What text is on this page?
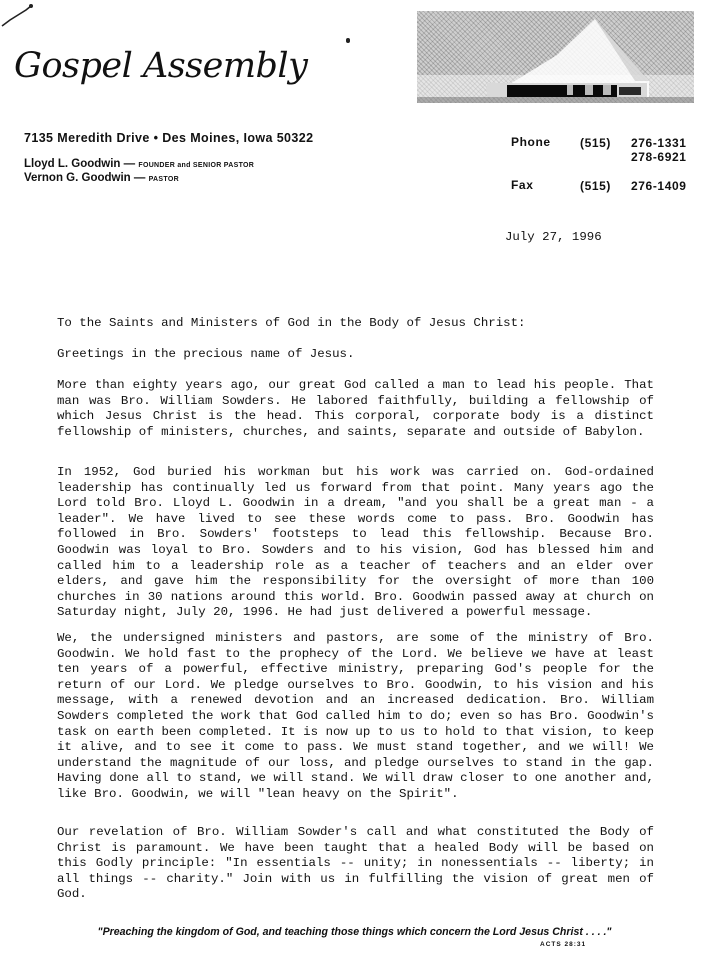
Gospel Assembly
7135 Meredith Drive • Des Moines, Iowa 50322
Lloyd L. Goodwin — FOUNDER and SENIOR PASTOR
Vernon G. Goodwin — PASTOR
Phone (515) 276-1331
278-6921
Fax	(515) 276-1409
July 27, 1996
To the Saints and Ministers of God in the Body of Jesus Christ:
Greetings in the precious name of Jesus.

More than eighty years ago, our great God called a man to lead his people. That man was Bro. William Sowders. He labored faithfully, building a fellowship of which Jesus Christ is the head. This corporal, corporate body is a distinct fellowship of ministers, churches, and saints, separate and outside of Babylon.

In 1952, God buried his workman but his work was carried on. God-ordained leadership has continually led us forward from that point. Many years ago the Lord told Bro. Lloyd L. Goodwin in a dream, "and you shall be a great man - a leader". We have lived to see these words come to pass. Bro. Goodwin has followed in Bro. Sowders' footsteps to lead this fellowship. Because Bro. Goodwin was loyal to Bro. Sowders and to his vision, God has blessed him and called him to a leadership role as a teacher of teachers and an elder over elders, and gave him the responsibility for the oversight of more than 100 churches in 30 nations around this world. Bro. Goodwin passed away at church on Saturday night, July 20, 1996. He had just delivered a powerful message.

We, the undersigned ministers and pastors, are some of the ministry of Bro. Goodwin. We hold fast to the prophecy of the Lord. We believe we have at least ten years of a powerful, effective ministry, preparing God's people for the return of our Lord. We pledge ourselves to Bro. Goodwin, to his vision and his message, with a renewed devotion and an increased dedication. Bro. William Sowders completed the work that God called him to do; even so has Bro. Goodwin's task on earth been completed. It is now up to us to hold to that vision, to keep it alive, and to see it come to pass. We must stand together, and we will! We understand the magnitude of our loss, and pledge ourselves to stand in the gap. Having done all to stand, we will stand. We will draw closer to one another and, like Bro. Goodwin, we will "lean heavy on the Spirit".

Our revelation of Bro. William Sowder's call and what constituted the Body of Christ is paramount. We have been taught that a healed Body will be based on this Godly principle: "In essentials -- unity; in nonessentials -- liberty; in all things -- charity." Join with us in fulfilling the vision of great men of God.

"Preaching the kingdom of God, and teaching those things which concern the Lord Jesus Christ . . . ."
ACTS 28:31
